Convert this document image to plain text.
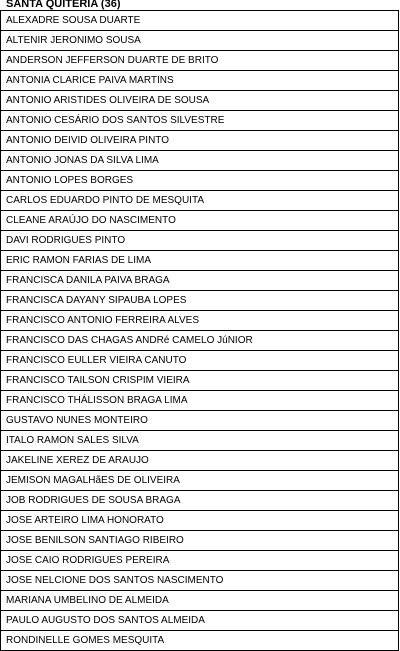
SANTA QUITERIA (36)
ALEXADRE SOUSA DUARTE
ALTENIR JERONIMO SOUSA
ANDERSON JEFFERSON DUARTE DE BRITO
ANTONIA CLARICE PAIVA MARTINS
ANTONIO ARISTIDES OLIVEIRA DE SOUSA
ANTONIO CESÁRIO DOS SANTOS SILVESTRE
ANTONIO DEIVID OLIVEIRA PINTO
ANTONIO JONAS DA SILVA LIMA
ANTONIO LOPES BORGES
CARLOS EDUARDO PINTO DE MESQUITA
CLEANE ARAÚJO DO NASCIMENTO
DAVI RODRIGUES PINTO
ERIC RAMON FARIAS DE LIMA
FRANCISCA DANILA PAIVA BRAGA
FRANCISCA DAYANY SIPAUBA LOPES
FRANCISCO ANTONIO FERREIRA ALVES
FRANCISCO DAS CHAGAS ANDRé CAMELO JúNIOR
FRANCISCO EULLER VIEIRA CANUTO
FRANCISCO TAILSON CRISPIM VIEIRA
FRANCISCO THÁLISSON BRAGA LIMA
GUSTAVO NUNES MONTEIRO
ITALO RAMON SALES SILVA
JAKELINE XEREZ DE ARAUJO
JEMISON MAGALHãES DE OLIVEIRA
JOB RODRIGUES DE SOUSA BRAGA
JOSE ARTEIRO LIMA HONORATO
JOSE BENILSON SANTIAGO RIBEIRO
JOSE CAIO RODRIGUES PEREIRA
JOSE NELCIONE DOS SANTOS NASCIMENTO
MARIANA UMBELINO DE ALMEIDA
PAULO AUGUSTO DOS SANTOS ALMEIDA
RONDINELLE GOMES MESQUITA
